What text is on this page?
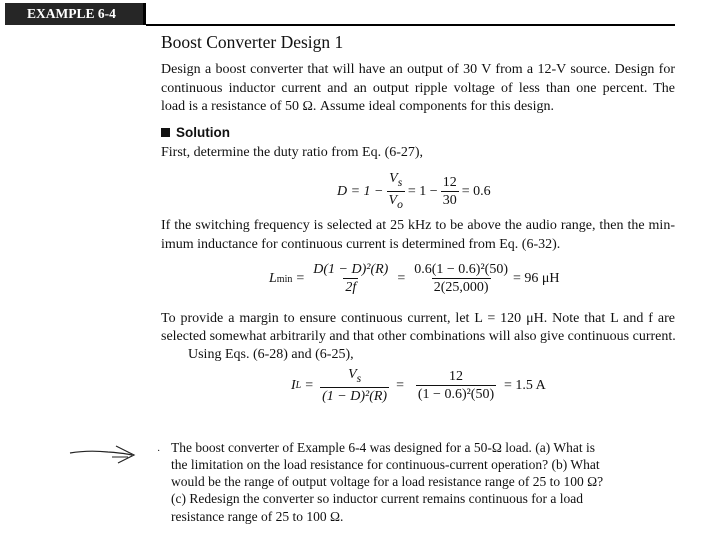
EXAMPLE 6-4
Boost Converter Design 1
Design a boost converter that will have an output of 30 V from a 12-V source. Design for
continuous inductor current and an output ripple voltage of less than one percent. The
load is a resistance of 50 Ω. Assume ideal components for this design.
Solution
First, determine the duty ratio from Eq. (6-27),
$D = 1 - \frac{V_s}{V_o} = 1 - \frac{12}{30} = 0.6$
If the switching frequency is selected at 25 kHz to be above the audio range, then the min-
imum inductance for continuous current is determined from Eq. (6-32).
L $\min = \frac{\text{D(1 − D)²(R)}}{2f} = \frac{\text{0.6(1 − 0.6)²(50)}}{2(25,000)} = 96$ μH
To provide a margin to ensure continuous current, let L = 120 μH. Note that L and f are
selected somewhat arbitrarily and that other combinations will also give continuous current.
Using Eqs. (6-28) and (6-25),
I $L = \frac{V_s}{\text{(1 − D)²(R)}} = \frac{12}{\text{(1 − 0.6)²(50)}} = 1.5$ A
· The boost converter of Example 6-4 was designed for a 50-Ω load. (a) What is
the limitation on the load resistance for continuous-current operation? (b) What
would be the range of output voltage for a load resistance range of 25 to 100 Ω?
(c) Redesign the converter so inductor current remains continuous for a load
resistance range of 25 to 100 Ω.
